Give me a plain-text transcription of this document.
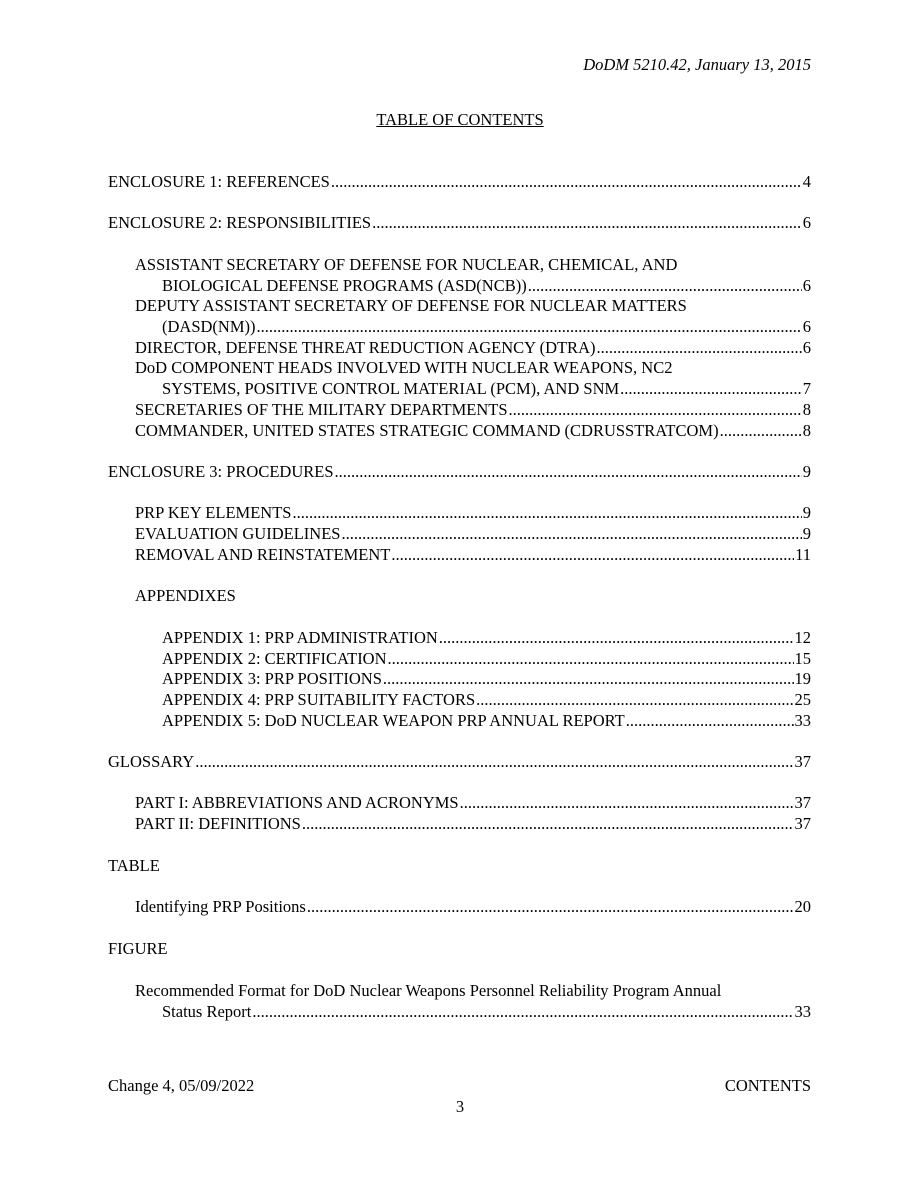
DoDM 5210.42, January 13, 2015
TABLE OF CONTENTS
ENCLOSURE 1: REFERENCES .....	4
ENCLOSURE 2: RESPONSIBILITIES .....	6
ASSISTANT SECRETARY OF DEFENSE FOR NUCLEAR, CHEMICAL, AND
BIOLOGICAL DEFENSE PROGRAMS (ASD(NCB)) .....	6
DEPUTY ASSISTANT SECRETARY OF DEFENSE FOR NUCLEAR MATTERS
(DASD(NM)) .....	6
DIRECTOR, DEFENSE THREAT REDUCTION AGENCY (DTRA) .....	6
DoD COMPONENT HEADS INVOLVED WITH NUCLEAR WEAPONS, NC2
SYSTEMS, POSITIVE CONTROL MATERIAL (PCM), AND SNM .....	7
SECRETARIES OF THE MILITARY DEPARTMENTS .....	8
COMMANDER, UNITED STATES STRATEGIC COMMAND (CDRUSSTRATCOM) .....	8
ENCLOSURE 3: PROCEDURES .....	9
PRP KEY ELEMENTS .....	9
EVALUATION GUIDELINES .....	9
REMOVAL AND REINSTATEMENT .....	11
APPENDIXES
APPENDIX 1: PRP ADMINISTRATION .....	12
APPENDIX 2: CERTIFICATION .....	15
APPENDIX 3: PRP POSITIONS .....	19
APPENDIX 4: PRP SUITABILITY FACTORS .....	25
APPENDIX 5: DoD NUCLEAR WEAPON PRP ANNUAL REPORT .....	33
GLOSSARY .....	37
PART I: ABBREVIATIONS AND ACRONYMS .....	37
PART II: DEFINITIONS .....	37
TABLE
Identifying PRP Positions .....	20
FIGURE
Recommended Format for DoD Nuclear Weapons Personnel Reliability Program Annual
Status Report .....	33
Change 4, 05/09/2022	CONTENTS
3
